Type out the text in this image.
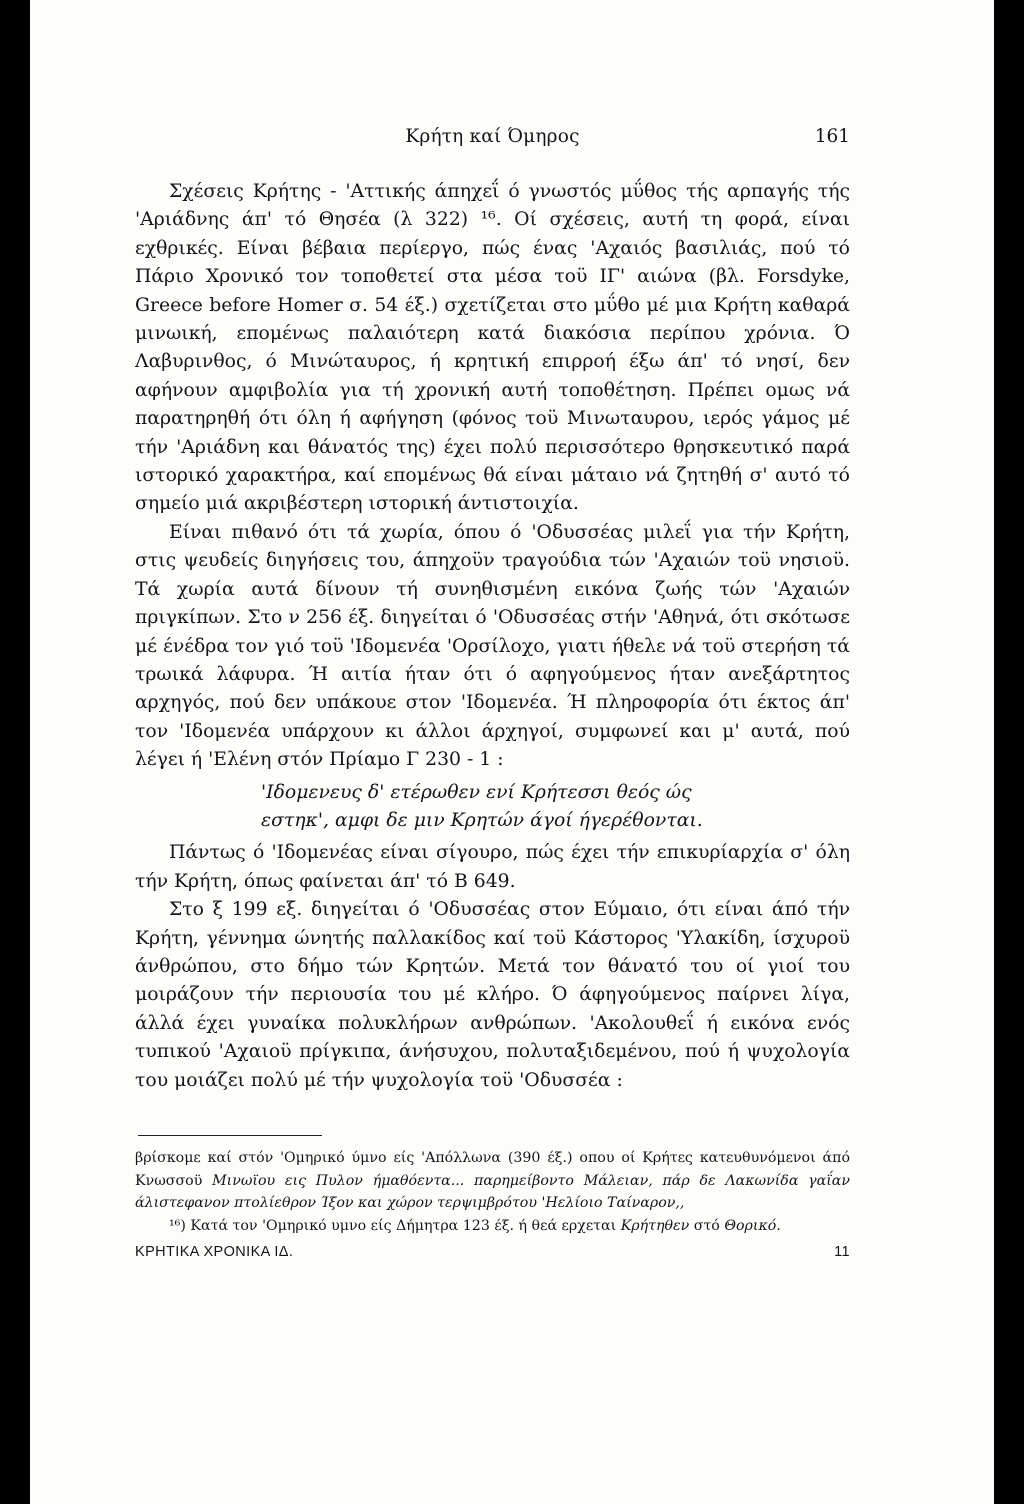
Κρήτη καί Όμηρος	161

Σχέσεις Κρήτης - 'Αττικής άπηχεΐ ό γνωστός μΰθος τής αρπαγής τής 'Αριάδνης άπ' τό Θησέα (λ 322) ¹⁶. Οί σχέσεις, αυτή τη φορά, είναι εχθρικές. Είναι βέβαια περίεργο, πώς ένας 'Αχαιός βασιλιάς, πού τό Πάριο Χρονικό τον τοποθετεί στα μέσα τοϋ ΙΓ' αιώνα (βλ. Forsdyke, Greece before Homer σ. 54 έξ.) σχετίζεται στο μΰθο μέ μια Κρήτη καθαρά μινωική, επομένως παλαιότερη κατά διακόσια περίπου χρόνια. Ό Λαβυρινθος, ό Μινώταυρος, ή κρητική επιρροή έξω άπ' τό νησί, δεν αφήνουν αμφιβολία για τή χρονική αυτή τοποθέτηση. Πρέπει ομως νά παρατηρηθή ότι όλη ή αφήγηση (φόνος τοϋ Μινωταυρου, ιερός γάμος μέ τήν 'Αριάδνη και θάνατός της) έχει πολύ περισσότερο θρησκευτικό παρά ιστορικό χαρακτήρα, καί επομένως θά είναι μάταιο νά ζητηθή σ' αυτό τό σημείο μιά ακριβέστερη ιστορική άντιστοιχία.

Είναι πιθανό ότι τά χωρία, όπου ό 'Οδυσσέας μιλεΐ για τήν Κρήτη, στις ψευδείς διηγήσεις του, άπηχοϋν τραγούδια τών 'Αχαιών τοϋ νησιοϋ. Τά χωρία αυτά δίνουν τή συνηθισμένη εικόνα ζωής τών 'Αχαιών πριγκίπων. Στο ν 256 έξ. διηγείται ό 'Οδυσσέας στήν 'Αθηνά, ότι σκότωσε μέ ένέδρα τον γιό τοϋ 'Ιδομενέα 'Ορσίλοχο, γιατι ήθελε νά τοϋ στερήση τά τρωικά λάφυρα. Ή αιτία ήταν ότι ό αφηγούμενος ήταν ανεξάρτητος αρχηγός, πού δεν υπάκουε στον 'Ιδομενέα. Ή πληροφορία ότι έκτος άπ' τον 'Ιδομενέα υπάρχουν κι άλλοι άρχηγοί, συμφωνεί και μ' αυτά, πού λέγει ή 'Ελένη στόν Πρίαμο Γ 230 - 1 :

'Ιδομενευς δ' ετέρωθεν ενί Κρήτεσσι θεός ώς
εστηκ', αμφι δε μιν Κρητών άγοί ήγερέθονται.

Πάντως ό 'Ιδομενέας είναι σίγουρο, πώς έχει τήν επικυρίαρχία σ' όλη τήν Κρήτη, όπως φαίνεται άπ' τό Β 649.

Στο ξ 199 εξ. διηγείται ό 'Οδυσσέας στον Εύμαιο, ότι είναι άπό τήν Κρήτη, γέννημα ώνητής παλλακίδος καί τοϋ Κάστορος 'Υλακίδη, ίσχυροϋ άνθρώπου, στο δήμο τών Κρητών. Μετά τον θάνατό του οί γιοί του μοιράζουν τήν περιουσία του μέ κλήρο. Ό άφηγούμενος παίρνει λίγα, άλλά έχει γυναίκα πολυκλήρων ανθρώπων. 'Ακολουθεΐ ή εικόνα ενός τυπικού 'Αχαιοϋ πρίγκιπα, άνήσυχου, πολυταξιδεμένου, πού ή ψυχολογία του μοιάζει πολύ μέ τήν ψυχολογία τοϋ 'Οδυσσέα :

βρίσκομε καί στόν 'Ομηρικό ύμνο είς 'Απόλλωνα (390 έξ.) οπου οί Κρήτες κατευθυνόμενοι άπό Κνωσσοϋ Μινωϊου εις Πυλον ήμαθόεντα... παρημείβοντο Μάλειαν, πάρ δε Λακωνίδα γαΐαν άλιστεφανον πτολίεθρον Ίξον και χώρον τερψιμβρότου 'Ηελίοιο Ταίναρον,,

¹⁶) Κατά τον 'Ομηρικό υμνο είς Δήμητρα 123 έξ. ή θεά ερχεται Κρήτηθεν στό Θορικό.

ΚΡΗΤΙΚΑ ΧΡΟΝΙΚΑ ΙΔ.	11
